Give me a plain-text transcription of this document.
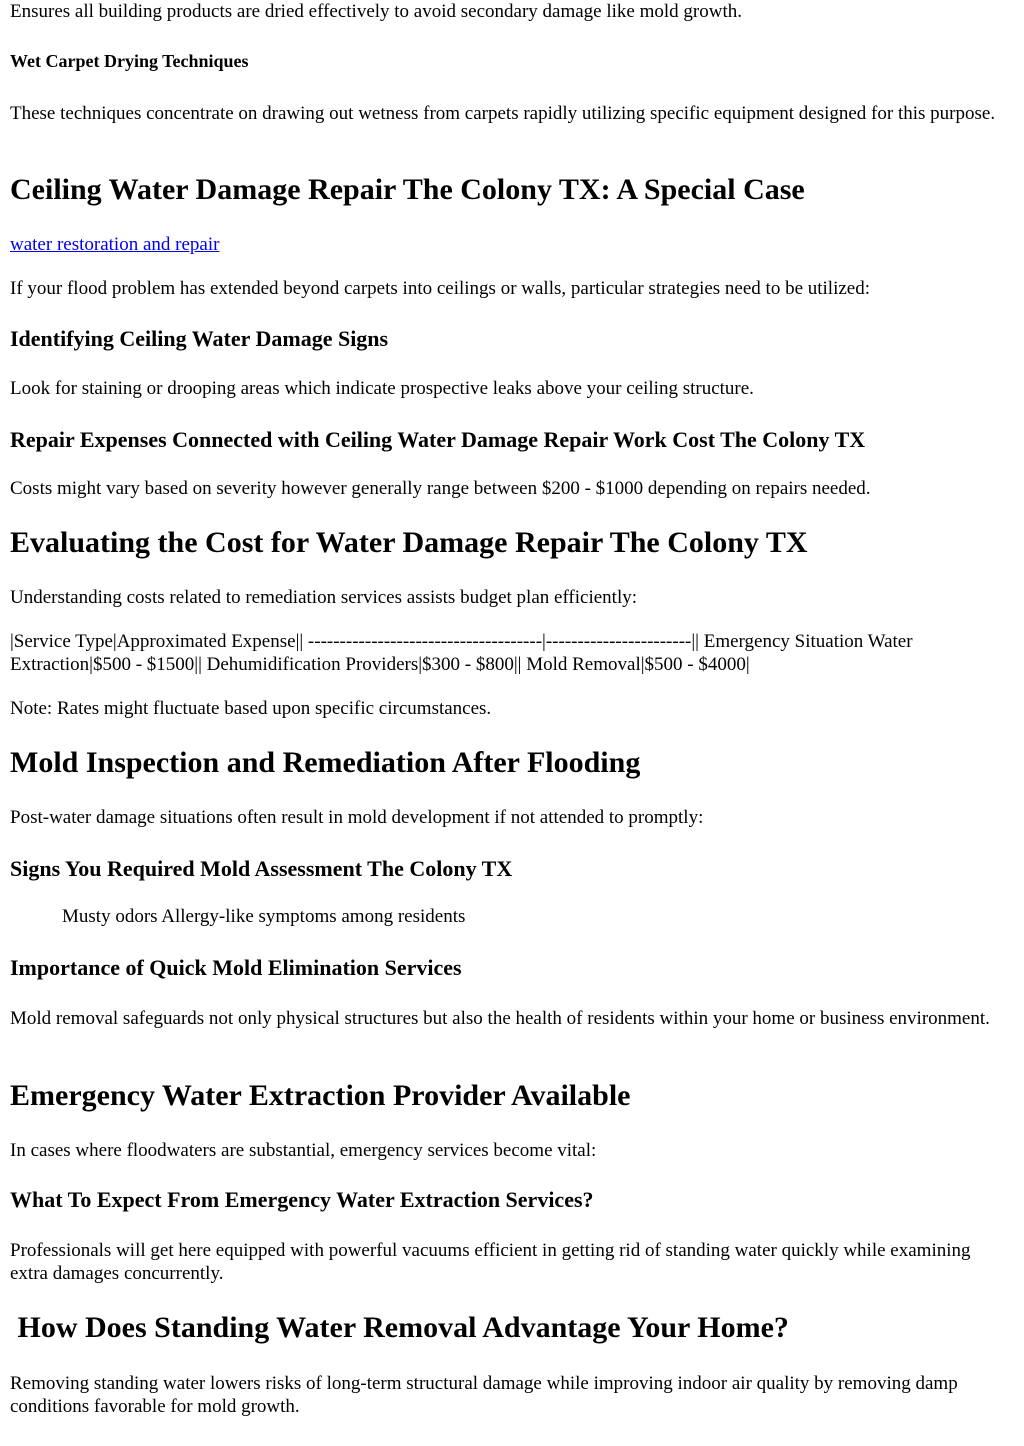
Ensures all building products are dried effectively to avoid secondary damage like mold growth.

Wet Carpet Drying Techniques

These techniques concentrate on drawing out wetness from carpets rapidly utilizing specific equipment designed for this purpose.

Ceiling Water Damage Repair The Colony TX: A Special Case

water restoration and repair

If your flood problem has extended beyond carpets into ceilings or walls, particular strategies need to be utilized:

Identifying Ceiling Water Damage Signs

Look for staining or drooping areas which indicate prospective leaks above your ceiling structure.

Repair Expenses Connected with Ceiling Water Damage Repair Work Cost The Colony TX

Costs might vary based on severity however generally range between $200 - $1000 depending on repairs needed.

Evaluating the Cost for Water Damage Repair The Colony TX

Understanding costs related to remediation services assists budget plan efficiently:

|Service Type|Approximated Expense|| -------------------------------------|-----------------------|| Emergency Situation Water Extraction|$500 - $1500|| Dehumidification Providers|$300 - $800|| Mold Removal|$500 - $4000|

Note: Rates might fluctuate based upon specific circumstances.

Mold Inspection and Remediation After Flooding

Post-water damage situations often result in mold development if not attended to promptly:

Signs You Required Mold Assessment The Colony TX

Musty odors Allergy-like symptoms among residents

Importance of Quick Mold Elimination Services

Mold removal safeguards not only physical structures but also the health of residents within your home or business environment.

Emergency Water Extraction Provider Available

In cases where floodwaters are substantial, emergency services become vital:

What To Expect From Emergency Water Extraction Services?

Professionals will get here equipped with powerful vacuums efficient in getting rid of standing water quickly while examining extra damages concurrently.

How Does Standing Water Removal Advantage Your Home?

Removing standing water lowers risks of long-term structural damage while improving indoor air quality by removing damp conditions favorable for mold growth.
